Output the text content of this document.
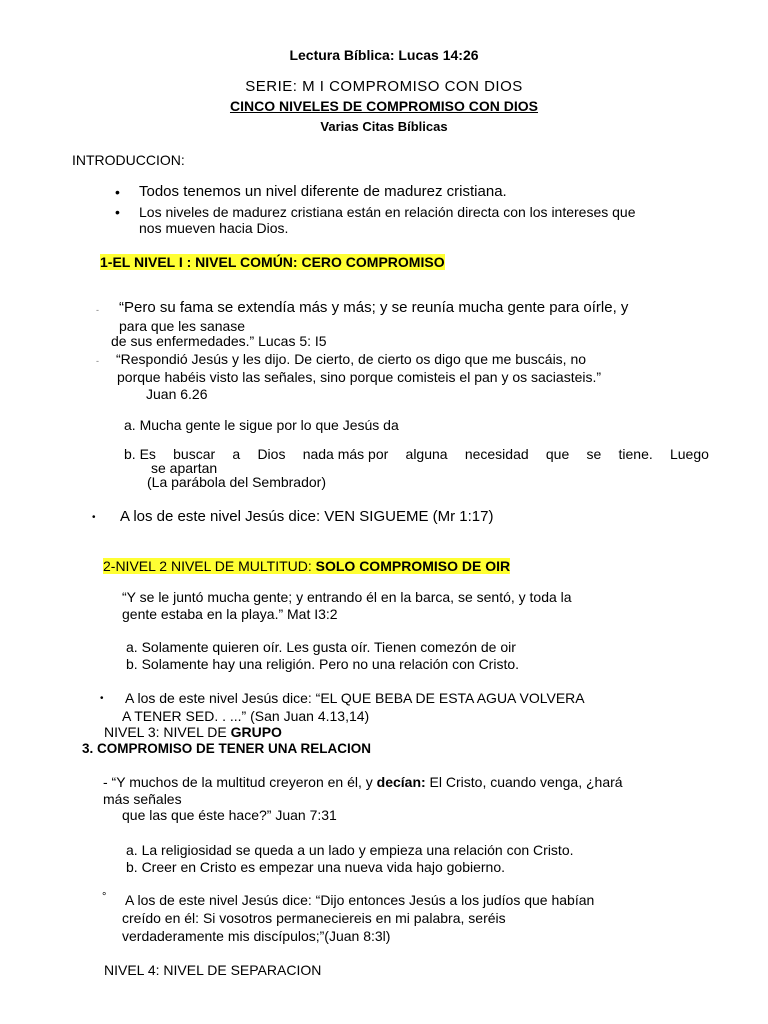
Lectura Bíblica: Lucas 14:26
SERIE: M I COMPROMISO CON DIOS
CINCO NIVELES DE COMPROMISO CON DIOS
Varias Citas Bíblicas
INTRODUCCION:
• Todos tenemos un nivel diferente de madurez cristiana.
• Los niveles de madurez cristiana están en relación directa con los intereses que
nos mueven hacia Dios.
1-EL NIVEL I : NIVEL COMÚN: CERO COMPROMISO
- “Pero su fama se extendía más y más; y se reunía mucha gente para oírle, y
para que les sanase
de sus enfermedades.” Lucas 5: I5
- “Respondió Jesús y les dijo. De cierto, de cierto os digo que me buscáis, no
porque habéis visto las señales, sino porque comisteis el pan y os saciasteis.”
Juan 6.26
a. Mucha gente le sigue por lo que Jesús da
b. Es buscar a Dios nada más por alguna necesidad que se tiene. Luego
se apartan
(La parábola del Sembrador)
• A los de este nivel Jesús dice: VEN SIGUEME (Mr 1:17)
2-NIVEL 2 NIVEL DE MULTITUD: SOLO COMPROMISO DE OIR
“Y se le juntó mucha gente; y entrando él en la barca, se sentó, y toda la
gente estaba en la playa.” Mat I3:2
a. Solamente quieren oír. Les gusta oír. Tienen comezón de oir
b. Solamente hay una religión. Pero no una relación con Cristo.
• A los de este nivel Jesús dice: “EL QUE BEBA DE ESTA AGUA VOLVERA
A TENER SED. . ...” (San Juan 4.13,14)
NIVEL 3: NIVEL DE GRUPO
3. COMPROMISO DE TENER UNA RELACION
- “Y muchos de la multitud creyeron en él, y decían: El Cristo, cuando venga, ¿hará
más señales
que las que éste hace?” Juan 7:31
a. La religiosidad se queda a un lado y empieza una relación con Cristo.
b. Creer en Cristo es empezar una nueva vida hajo gobierno.
° A los de este nivel Jesús dice: “Dijo entonces Jesús a los judíos que habían
creído en él: Si vosotros permaneciereis en mi palabra, seréis
verdaderamente mis discípulos;”(Juan 8:3l)
NIVEL 4: NIVEL DE SEPARACION
